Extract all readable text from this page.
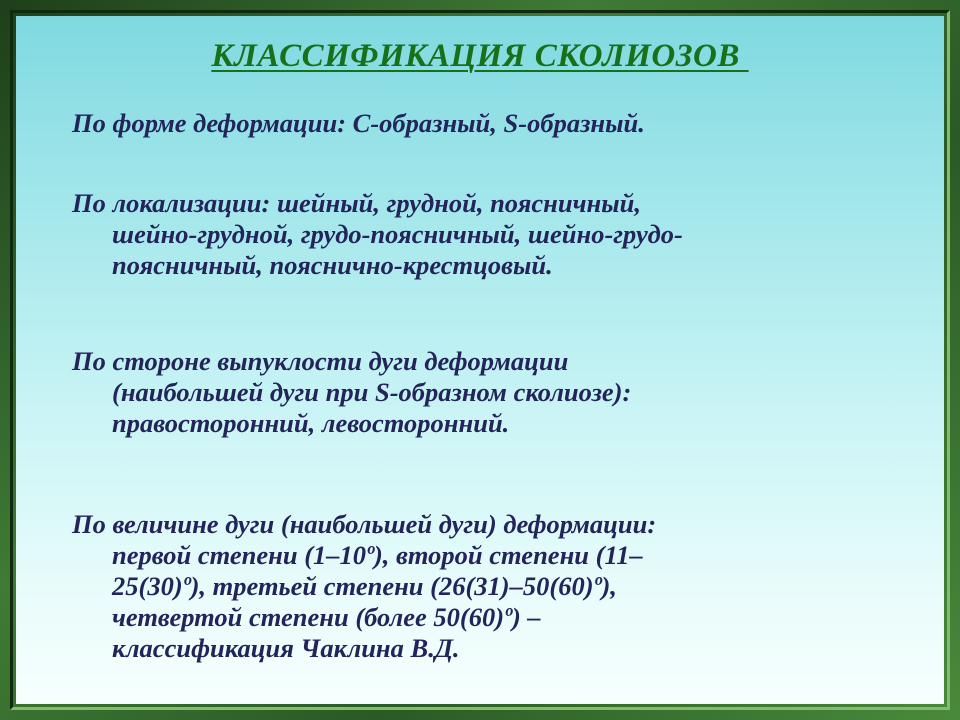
КЛАССИФИКАЦИЯ СКОЛИОЗОВ

По форме деформации: С-образный, S-образный.

По локализации: шейный, грудной, поясничный,
шейно-грудной, грудо-поясничный, шейно-грудо-
поясничный, пояснично-крестцовый.

По стороне выпуклости дуги деформации
(наибольшей дуги при S-образном сколиозе):
правосторонний, левосторонний.

По величине дуги (наибольшей дуги) деформации:
первой степени (1–10º), второй степени (11–
25(30)º), третьей степени (26(31)–50(60)º),
четвертой степени (более 50(60)º) –
классификация Чаклина В.Д.
